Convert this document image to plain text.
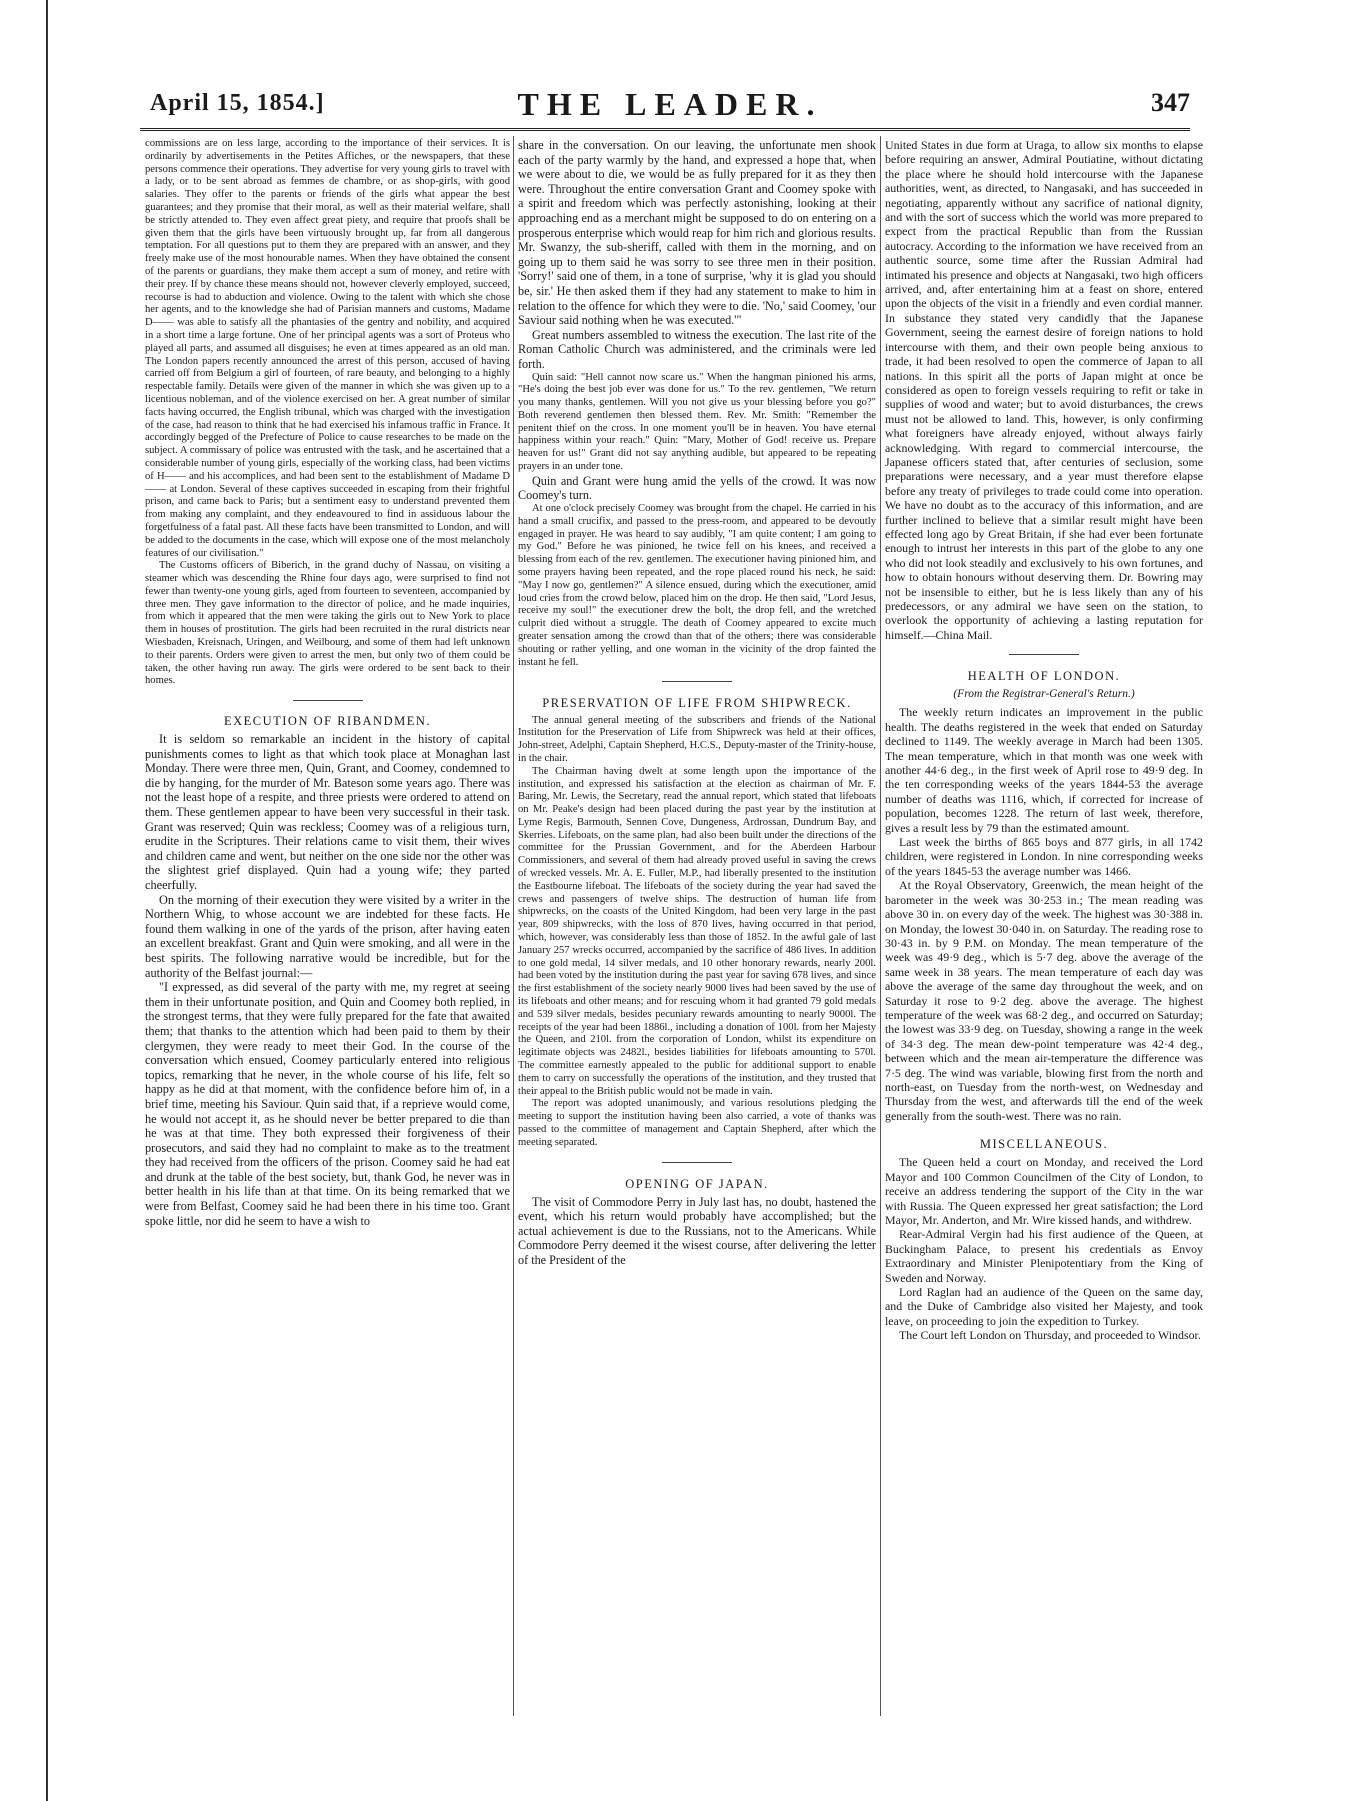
April 15, 1854.]	THE LEADER.	347

commissions are on less large, according to the importance of their services. It is ordinarily by advertisements in the Petites Affiches, or the newspapers, that these persons commence their operations. They advertise for very young girls to travel with a lady, or to be sent abroad as femmes de chambre, or as shop-girls, with good salaries. They offer to the parents or friends of the girls what appear the best guarantees; and they promise that their moral, as well as their material welfare, shall be strictly attended to. They even affect great piety, and require that proofs shall be given them that the girls have been virtuously brought up, far from all dangerous temptation. For all questions put to them they are prepared with an answer, and they freely make use of the most honourable names. When they have obtained the consent of the parents or guardians, they make them accept a sum of money, and retire with their prey. If by chance these means should not, however cleverly employed, succeed, recourse is had to abduction and violence. Owing to the talent with which she chose her agents, and to the knowledge she had of Parisian manners and customs, Madame D—— was able to satisfy all the phantasies of the gentry and nobility, and acquired in a short time a large fortune. One of her principal agents was a sort of Proteus who played all parts, and assumed all disguises; he even at times appeared as an old man. The London papers recently announced the arrest of this person, accused of having carried off from Belgium a girl of fourteen, of rare beauty, and belonging to a highly respectable family. Details were given of the manner in which she was given up to a licentious nobleman, and of the violence exercised on her. A great number of similar facts having occurred, the English tribunal, which was charged with the investigation of the case, had reason to think that he had exercised his infamous traffic in France. It accordingly begged of the Prefecture of Police to cause researches to be made on the subject. A commissary of police was entrusted with the task, and he ascertained that a considerable number of young girls, especially of the working class, had been victims of H—— and his accomplices, and had been sent to the establishment of Madame D—— at London. Several of these captives succeeded in escaping from their frightful prison, and came back to Paris; but a sentiment easy to understand prevented them from making any complaint, and they endeavoured to find in assiduous labour the forgetfulness of a fatal past. All these facts have been transmitted to London, and will be added to the documents in the case, which will expose one of the most melancholy features of our civilisation."

The Customs officers of Biberich, in the grand duchy of Nassau, on visiting a steamer which was descending the Rhine four days ago, were surprised to find not fewer than twenty-one young girls, aged from fourteen to seventeen, accompanied by three men. They gave information to the director of police, and he made inquiries, from which it appeared that the men were taking the girls out to New York to place them in houses of prostitution. The girls had been recruited in the rural districts near Wiesbaden, Kreisnach, Uringen, and Weilbourg, and some of them had left unknown to their parents. Orders were given to arrest the men, but only two of them could be taken, the other having run away. The girls were ordered to be sent back to their homes.

EXECUTION OF RIBANDMEN.

It is seldom so remarkable an incident in the history of capital punishments comes to light as that which took place at Monaghan last Monday. There were three men, Quin, Grant, and Coomey, condemned to die by hanging, for the murder of Mr. Bateson some years ago. There was not the least hope of a respite, and three priests were ordered to attend on them. These gentlemen appear to have been very successful in their task. Grant was reserved; Quin was reckless; Coomey was of a religious turn, erudite in the Scriptures. Their relations came to visit them, their wives and children came and went, but neither on the one side nor the other was the slightest grief displayed. Quin had a young wife; they parted cheerfully.

On the morning of their execution they were visited by a writer in the Northern Whig, to whose account we are indebted for these facts. He found them walking in one of the yards of the prison, after having eaten an excellent breakfast. Grant and Quin were smoking, and all were in the best spirits. The following narrative would be incredible, but for the authority of the Belfast journal:—

"I expressed, as did several of the party with me, my regret at seeing them in their unfortunate position, and Quin and Coomey both replied, in the strongest terms, that they were fully prepared for the fate that awaited them; that thanks to the attention which had been paid to them by their clergymen, they were ready to meet their God. In the course of the conversation which ensued, Coomey particularly entered into religious topics, remarking that he never, in the whole course of his life, felt so happy as he did at that moment, with the confidence before him of, in a brief time, meeting his Saviour. Quin said that, if a reprieve would come, he would not accept it, as he should never be better prepared to die than he was at that time. They both expressed their forgiveness of their prosecutors, and said they had no complaint to make as to the treatment they had received from the officers of the prison. Coomey said he had eat and drunk at the table of the best society, but, thank God, he never was in better health in his life than at that time. On its being remarked that we were from Belfast, Coomey said he had been there in his time too. Grant spoke little, nor did he seem to have a wish to

share in the conversation. On our leaving, the unfortunate men shook each of the party warmly by the hand, and expressed a hope that, when we were about to die, we would be as fully prepared for it as they then were. Throughout the entire conversation Grant and Coomey spoke with a spirit and freedom which was perfectly astonishing, looking at their approaching end as a merchant might be supposed to do on entering on a prosperous enterprise which would reap for him rich and glorious results. Mr. Swanzy, the sub-sheriff, called with them in the morning, and on going up to them said he was sorry to see three men in their position. 'Sorry!' said one of them, in a tone of surprise, 'why it is glad you should be, sir.' He then asked them if they had any statement to make to him in relation to the offence for which they were to die. 'No,' said Coomey, 'our Saviour said nothing when he was executed.'"

Great numbers assembled to witness the execution. The last rite of the Roman Catholic Church was administered, and the criminals were led forth.

Quin said: "Hell cannot now scare us." When the hangman pinioned his arms, "He's doing the best job ever was done for us." To the rev. gentlemen, "We return you many thanks, gentlemen. Will you not give us your blessing before you go?" Both reverend gentlemen then blessed them. Rev. Mr. Smith: "Remember the penitent thief on the cross. In one moment you'll be in heaven. You have eternal happiness within your reach." Quin: "Mary, Mother of God! receive us. Prepare heaven for us!" Grant did not say anything audible, but appeared to be repeating prayers in an under tone.

Quin and Grant were hung amid the yells of the crowd. It was now Coomey's turn.

At one o'clock precisely Coomey was brought from the chapel. He carried in his hand a small crucifix, and passed to the press-room, and appeared to be devoutly engaged in prayer. He was heard to say audibly, "I am quite content; I am going to my God." Before he was pinioned, he twice fell on his knees, and received a blessing from each of the rev. gentlemen. The executioner having pinioned him, and some prayers having been repeated, and the rope placed round his neck, he said: "May I now go, gentlemen?" A silence ensued, during which the executioner, amid loud cries from the crowd below, placed him on the drop. He then said, "Lord Jesus, receive my soul!" the executioner drew the bolt, the drop fell, and the wretched culprit died without a struggle. The death of Coomey appeared to excite much greater sensation among the crowd than that of the others; there was considerable shouting or rather yelling, and one woman in the vicinity of the drop fainted the instant he fell.

PRESERVATION OF LIFE FROM SHIPWRECK.

The annual general meeting of the subscribers and friends of the National Institution for the Preservation of Life from Shipwreck was held at their offices, John-street, Adelphi, Captain Shepherd, H.C.S., Deputy-master of the Trinity-house, in the chair.

The Chairman having dwelt at some length upon the importance of the institution, and expressed his satisfaction at the election as chairman of Mr. F. Baring, Mr. Lewis, the Secretary, read the annual report, which stated that lifeboats on Mr. Peake's design had been placed during the past year by the institution at Lyme Regis, Barmouth, Sennen Cove, Dungeness, Ardrossan, Dundrum Bay, and Skerries. Lifeboats, on the same plan, had also been built under the directions of the committee for the Prussian Government, and for the Aberdeen Harbour Commissioners, and several of them had already proved useful in saving the crews of wrecked vessels. Mr. A. E. Fuller, M.P., had liberally presented to the institution the Eastbourne lifeboat. The lifeboats of the society during the year had saved the crews and passengers of twelve ships. The destruction of human life from shipwrecks, on the coasts of the United Kingdom, had been very large in the past year, 809 shipwrecks, with the loss of 870 lives, having occurred in that period, which, however, was considerably less than those of 1852. In the awful gale of last January 257 wrecks occurred, accompanied by the sacrifice of 486 lives. In addition to one gold medal, 14 silver medals, and 10 other honorary rewards, nearly 200l. had been voted by the institution during the past year for saving 678 lives, and since the first establishment of the society nearly 9000 lives had been saved by the use of its lifeboats and other means; and for rescuing whom it had granted 79 gold medals and 539 silver medals, besides pecuniary rewards amounting to nearly 9000l. The receipts of the year had been 1886l., including a donation of 100l. from her Majesty the Queen, and 210l. from the corporation of London, whilst its expenditure on legitimate objects was 2482l., besides liabilities for lifeboats amounting to 570l. The committee earnestly appealed to the public for additional support to enable them to carry on successfully the operations of the institution, and they trusted that their appeal to the British public would not be made in vain.

The report was adopted unanimously, and various resolutions pledging the meeting to support the institution having been also carried, a vote of thanks was passed to the committee of management and Captain Shepherd, after which the meeting separated.

OPENING OF JAPAN.

The visit of Commodore Perry in July last has, no doubt, hastened the event, which his return would probably have accomplished; but the actual achievement is due to the Russians, not to the Americans. While Commodore Perry deemed it the wisest course, after delivering the letter of the President of the

United States in due form at Uraga, to allow six months to elapse before requiring an answer, Admiral Poutiatine, without dictating the place where he should hold intercourse with the Japanese authorities, went, as directed, to Nangasaki, and has succeeded in negotiating, apparently without any sacrifice of national dignity, and with the sort of success which the world was more prepared to expect from the practical Republic than from the Russian autocracy. According to the information we have received from an authentic source, some time after the Russian Admiral had intimated his presence and objects at Nangasaki, two high officers arrived, and, after entertaining him at a feast on shore, entered upon the objects of the visit in a friendly and even cordial manner. In substance they stated very candidly that the Japanese Government, seeing the earnest desire of foreign nations to hold intercourse with them, and their own people being anxious to trade, it had been resolved to open the commerce of Japan to all nations. In this spirit all the ports of Japan might at once be considered as open to foreign vessels requiring to refit or take in supplies of wood and water; but to avoid disturbances, the crews must not be allowed to land. This, however, is only confirming what foreigners have already enjoyed, without always fairly acknowledging. With regard to commercial intercourse, the Japanese officers stated that, after centuries of seclusion, some preparations were necessary, and a year must therefore elapse before any treaty of privileges to trade could come into operation. We have no doubt as to the accuracy of this information, and are further inclined to believe that a similar result might have been effected long ago by Great Britain, if she had ever been fortunate enough to intrust her interests in this part of the globe to any one who did not look steadily and exclusively to his own fortunes, and how to obtain honours without deserving them. Dr. Bowring may not be insensible to either, but he is less likely than any of his predecessors, or any admiral we have seen on the station, to overlook the opportunity of achieving a lasting reputation for himself.—China Mail.

HEALTH OF LONDON.
(From the Registrar-General's Return.)

The weekly return indicates an improvement in the public health. The deaths registered in the week that ended on Saturday declined to 1149. The weekly average in March had been 1305. The mean temperature, which in that month was one week with another 44·6 deg., in the first week of April rose to 49·9 deg. In the ten corresponding weeks of the years 1844-53 the average number of deaths was 1116, which, if corrected for increase of population, becomes 1228. The return of last week, therefore, gives a result less by 79 than the estimated amount.

Last week the births of 865 boys and 877 girls, in all 1742 children, were registered in London. In nine corresponding weeks of the years 1845-53 the average number was 1466.

At the Royal Observatory, Greenwich, the mean height of the barometer in the week was 30·253 in.; The mean reading was above 30 in. on every day of the week. The highest was 30·388 in. on Monday, the lowest 30·040 in. on Saturday. The reading rose to 30·43 in. by 9 P.M. on Monday. The mean temperature of the week was 49·9 deg., which is 5·7 deg. above the average of the same week in 38 years. The mean temperature of each day was above the average of the same day throughout the week, and on Saturday it rose to 9·2 deg. above the average. The highest temperature of the week was 68·2 deg., and occurred on Saturday; the lowest was 33·9 deg. on Tuesday, showing a range in the week of 34·3 deg. The mean dew-point temperature was 42·4 deg., between which and the mean air-temperature the difference was 7·5 deg. The wind was variable, blowing first from the north and north-east, on Tuesday from the north-west, on Wednesday and Thursday from the west, and afterwards till the end of the week generally from the south-west. There was no rain.

MISCELLANEOUS.

The Queen held a court on Monday, and received the Lord Mayor and 100 Common Councilmen of the City of London, to receive an address tendering the support of the City in the war with Russia. The Queen expressed her great satisfaction; the Lord Mayor, Mr. Anderton, and Mr. Wire kissed hands, and withdrew.

Rear-Admiral Vergin had his first audience of the Queen, at Buckingham Palace, to present his credentials as Envoy Extraordinary and Minister Plenipotentiary from the King of Sweden and Norway.

Lord Raglan had an audience of the Queen on the same day, and the Duke of Cambridge also visited her Majesty, and took leave, on proceeding to join the expedition to Turkey.

The Court left London on Thursday, and proceeded to Windsor.
